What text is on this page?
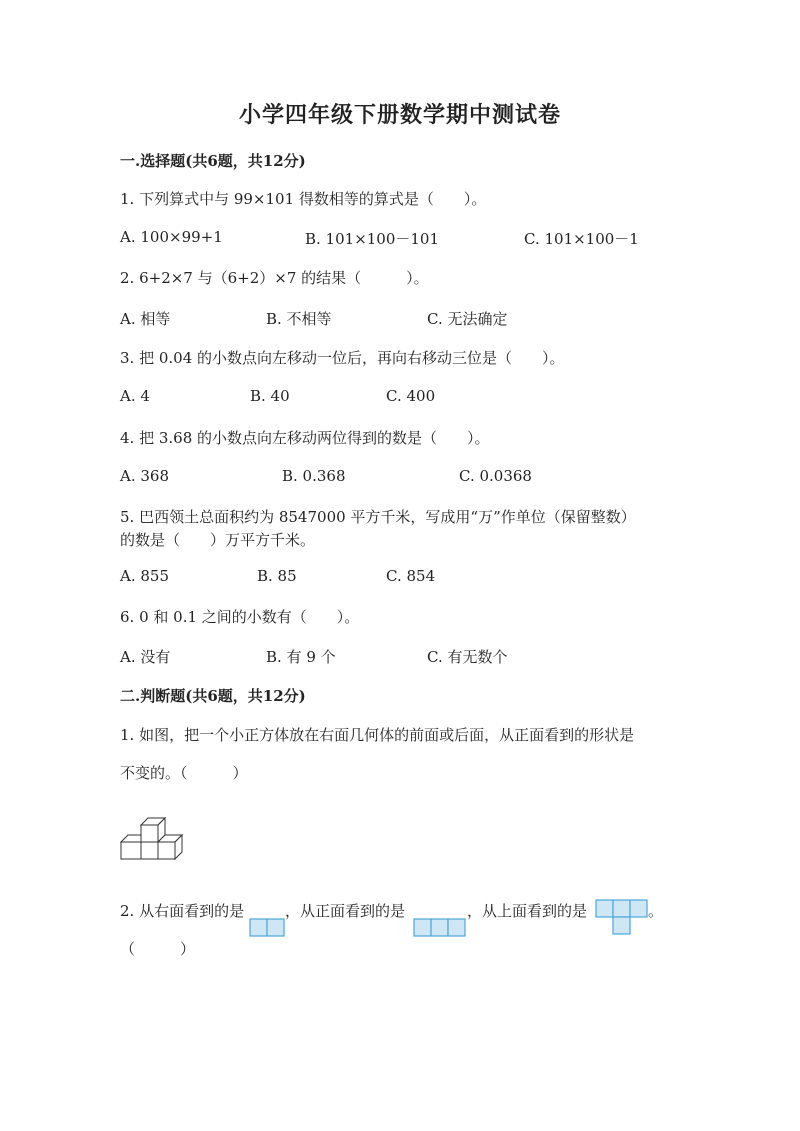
小学四年级下册数学期中测试卷
一.选择题(共6题，共12分)
1. 下列算式中与 99×101 得数相等的算式是（　　）。
A. 100×99+1	B. 101×100－101	C. 101×100－1
2. 6+2×7 与（6+2）×7 的结果（　　　）。
A. 相等	B. 不相等	C. 无法确定
3. 把 0.04 的小数点向左移动一位后，再向右移动三位是（　　）。
A. 4	B. 40	C. 400
4. 把 3.68 的小数点向左移动两位得到的数是（　　）。
A. 368	B. 0.368	C. 0.0368
5. 巴西领土总面积约为 8547000 平方千米，写成用“万”作单位（保留整数）
的数是（　　）万平方千米。
A. 855	B. 85	C. 854
6. 0 和 0.1 之间的小数有（　　）。
A. 没有	B. 有 9 个	C. 有无数个
二.判断题(共6题，共12分)
1. 如图，把一个小正方体放在右面几何体的前面或后面，从正面看到的形状是
不变的。（　　　）
2. 从右面看到的是	，从正面看到的是	，从上面看到的是	。
（　　　）
